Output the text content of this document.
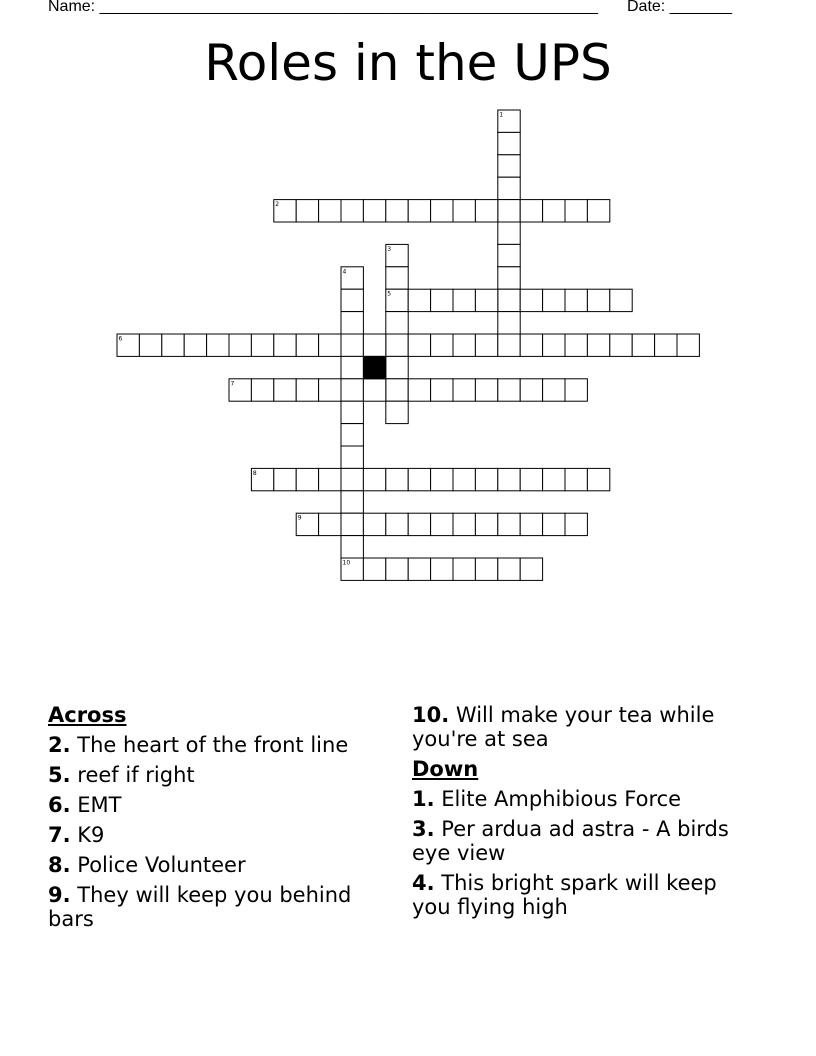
Name: ________________________________________________________ Date: _______
Roles in the UPS
1
2
3
4
5
6
7
8
9
10
Across
2. The heart of the front line
5. reef if right
6. EMT
7. K9
8. Police Volunteer
9. They will keep you behind bars
10. Will make your tea while you're at sea
Down
1. Elite Amphibious Force
3. Per ardua ad astra - A birds eye view
4. This bright spark will keep you flying high
